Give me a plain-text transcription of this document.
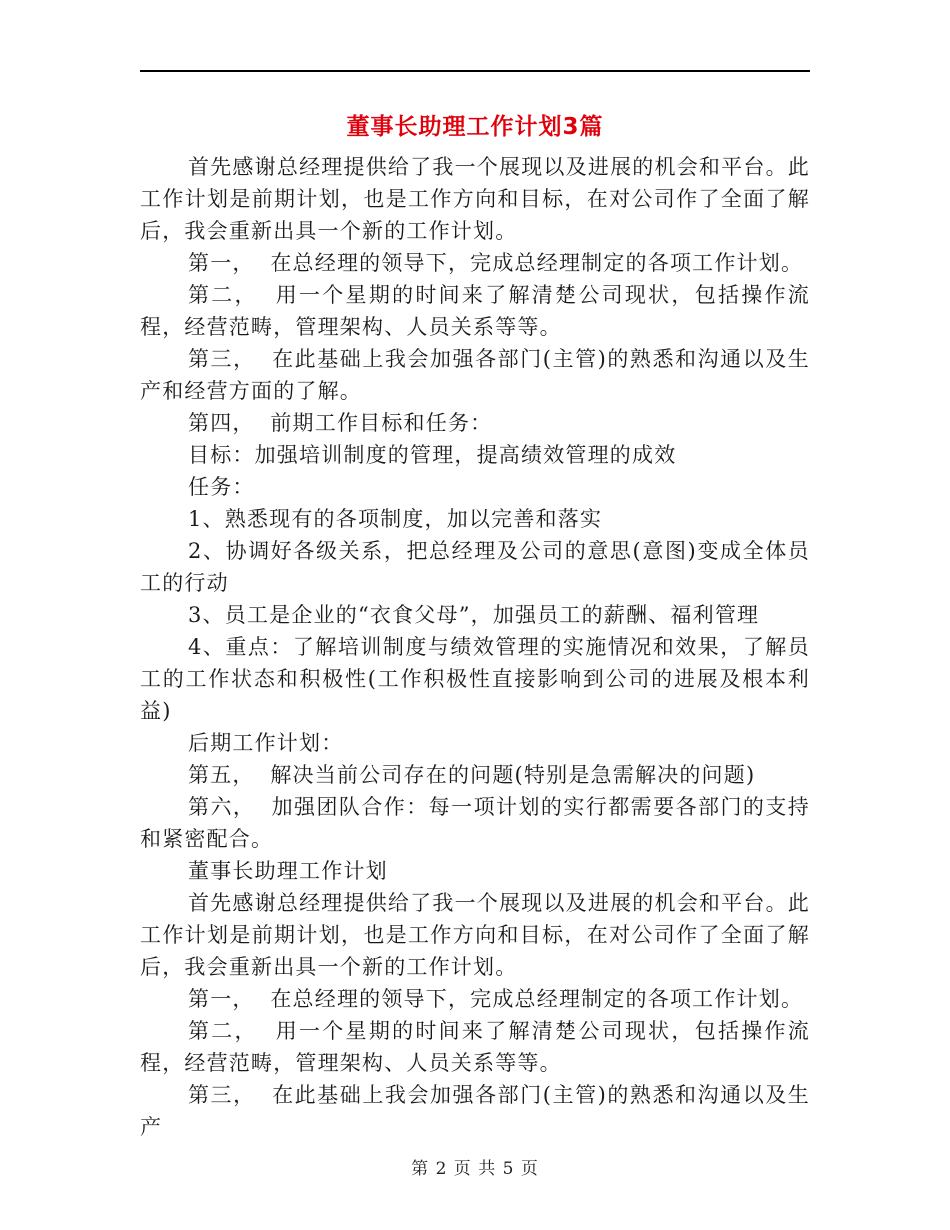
董事长助理工作计划3篇

首先感谢总经理提供给了我一个展现以及进展的机会和平台。此工作计划是前期计划，也是工作方向和目标，在对公司作了全面了解后，我会重新出具一个新的工作计划。

第一，  在总经理的领导下，完成总经理制定的各项工作计划。

第二，  用一个星期的时间来了解清楚公司现状，包括操作流程，经营范畴，管理架构、人员关系等等。

第三，  在此基础上我会加强各部门(主管)的熟悉和沟通以及生产和经营方面的了解。

第四，  前期工作目标和任务：

目标：加强培训制度的管理，提高绩效管理的成效

任务：

1、熟悉现有的各项制度，加以完善和落实

2、协调好各级关系，把总经理及公司的意思(意图)变成全体员工的行动

3、员工是企业的“衣食父母”，加强员工的薪酬、福利管理

4、重点：了解培训制度与绩效管理的实施情况和效果，了解员工的工作状态和积极性(工作积极性直接影响到公司的进展及根本利益)

后期工作计划：

第五，  解决当前公司存在的问题(特别是急需解决的问题)

第六，  加强团队合作：每一项计划的实行都需要各部门的支持和紧密配合。

董事长助理工作计划

首先感谢总经理提供给了我一个展现以及进展的机会和平台。此工作计划是前期计划，也是工作方向和目标，在对公司作了全面了解后，我会重新出具一个新的工作计划。

第一，  在总经理的领导下，完成总经理制定的各项工作计划。

第二，  用一个星期的时间来了解清楚公司现状，包括操作流程，经营范畴，管理架构、人员关系等等。

第三，  在此基础上我会加强各部门(主管)的熟悉和沟通以及生产

第 2 页 共 5 页
